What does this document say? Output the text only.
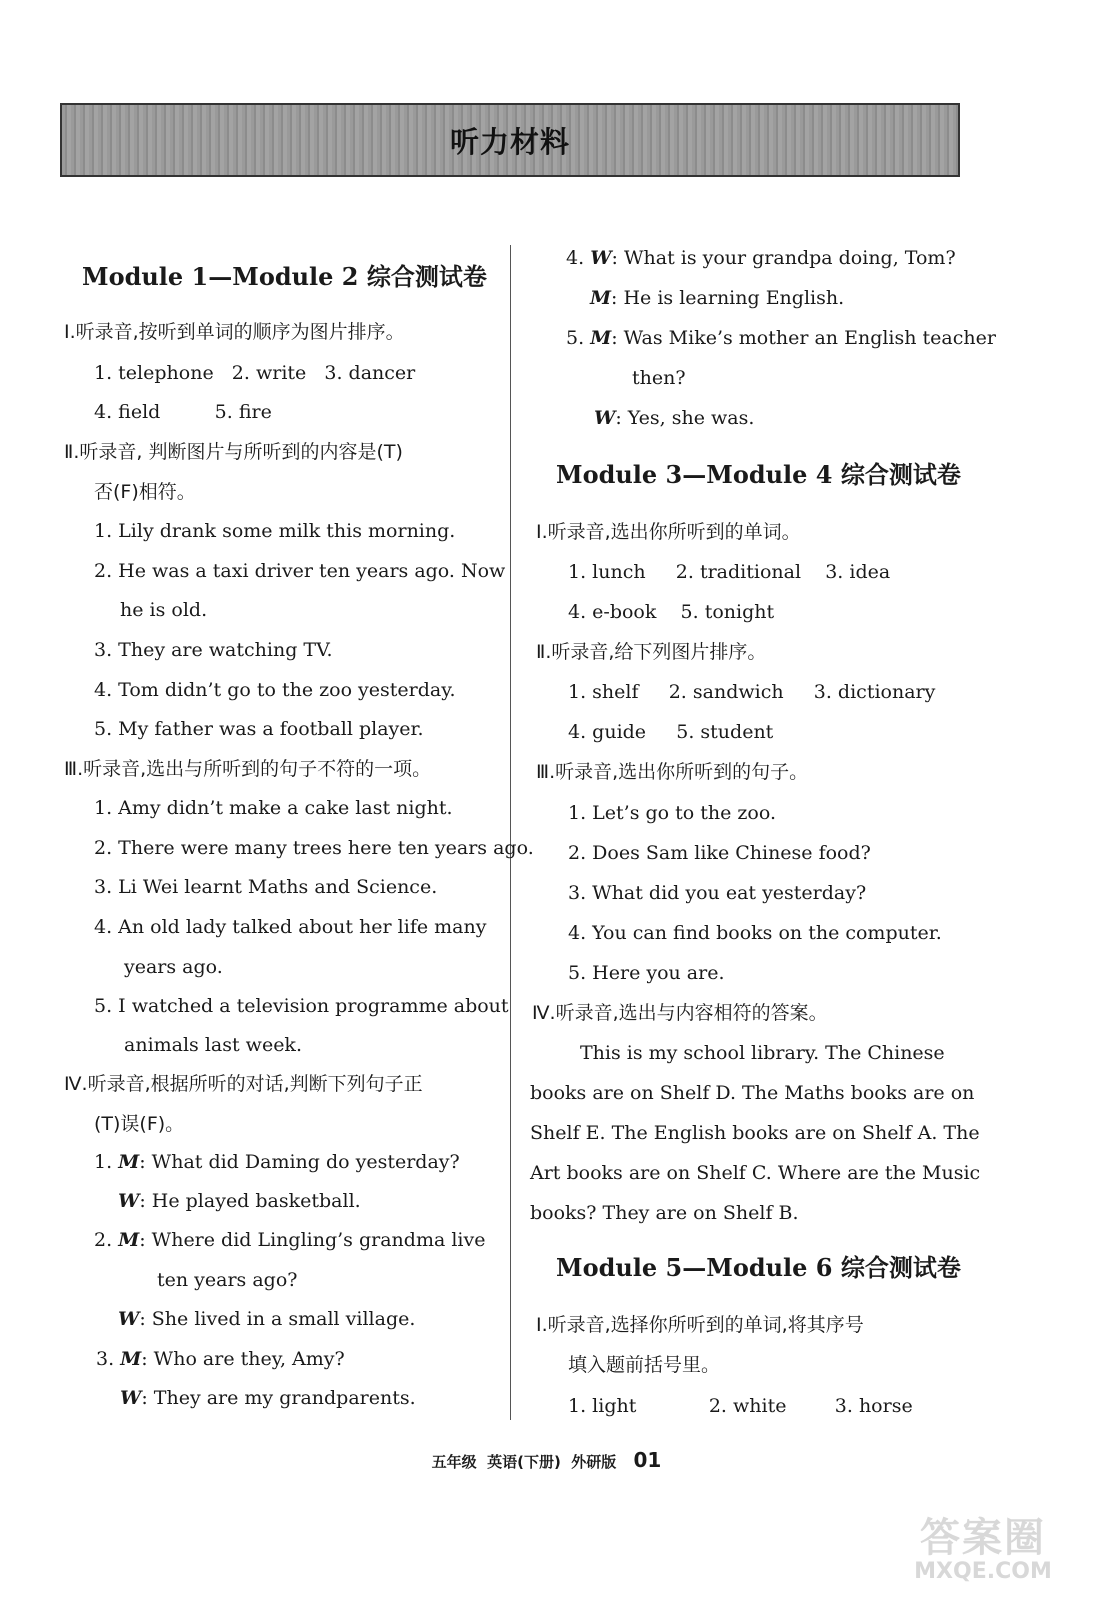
听力材料
Module 1—Module 2 综合测试卷
Ⅰ.听录音,按听到单词的顺序为图片排序。
1. telephone   2. write   3. dancer
4. field         5. fire
Ⅱ.听录音, 判断图片与所听到的内容是(T)
否(F)相符。
1. Lily drank some milk this morning.
2. He was a taxi driver ten years ago. Now
he is old.
3. They are watching TV.
4. Tom didn’t go to the zoo yesterday.
5. My father was a football player.
Ⅲ.听录音,选出与所听到的句子不符的一项。
1. Amy didn’t make a cake last night.
2. There were many trees here ten years ago.
3. Li Wei learnt Maths and Science.
4. An old lady talked about her life many
years ago.
5. I watched a television programme about
animals last week.
Ⅳ.听录音,根据所听的对话,判断下列句子正
(T)误(F)。
1. M: What did Daming do yesterday?
W: He played basketball.
2. M: Where did Lingling’s grandma live
ten years ago?
W: She lived in a small village.
3. M: Who are they, Amy?
W: They are my grandparents.
4. W: What is your grandpa doing, Tom?
M: He is learning English.
5. M: Was Mike’s mother an English teacher
then?
W: Yes, she was.
Module 3—Module 4 综合测试卷
Ⅰ.听录音,选出你所听到的单词。
1. lunch     2. traditional    3. idea
4. e-book    5. tonight
Ⅱ.听录音,给下列图片排序。
1. shelf     2. sandwich     3. dictionary
4. guide     5. student
Ⅲ.听录音,选出你所听到的句子。
1. Let’s go to the zoo.
2. Does Sam like Chinese food?
3. What did you eat yesterday?
4. You can find books on the computer.
5. Here you are.
Ⅳ.听录音,选出与内容相符的答案。
This is my school library. The Chinese
books are on Shelf D. The Maths books are on
Shelf E. The English books are on Shelf A. The
Art books are on Shelf C. Where are the Music
books? They are on Shelf B.
Module 5—Module 6 综合测试卷
Ⅰ.听录音,选择你所听到的单词,将其序号
填入题前括号里。
1. light            2. white        3. horse
五年级  英语(下册)  外研版 01
答案圈
MXQE.COM
